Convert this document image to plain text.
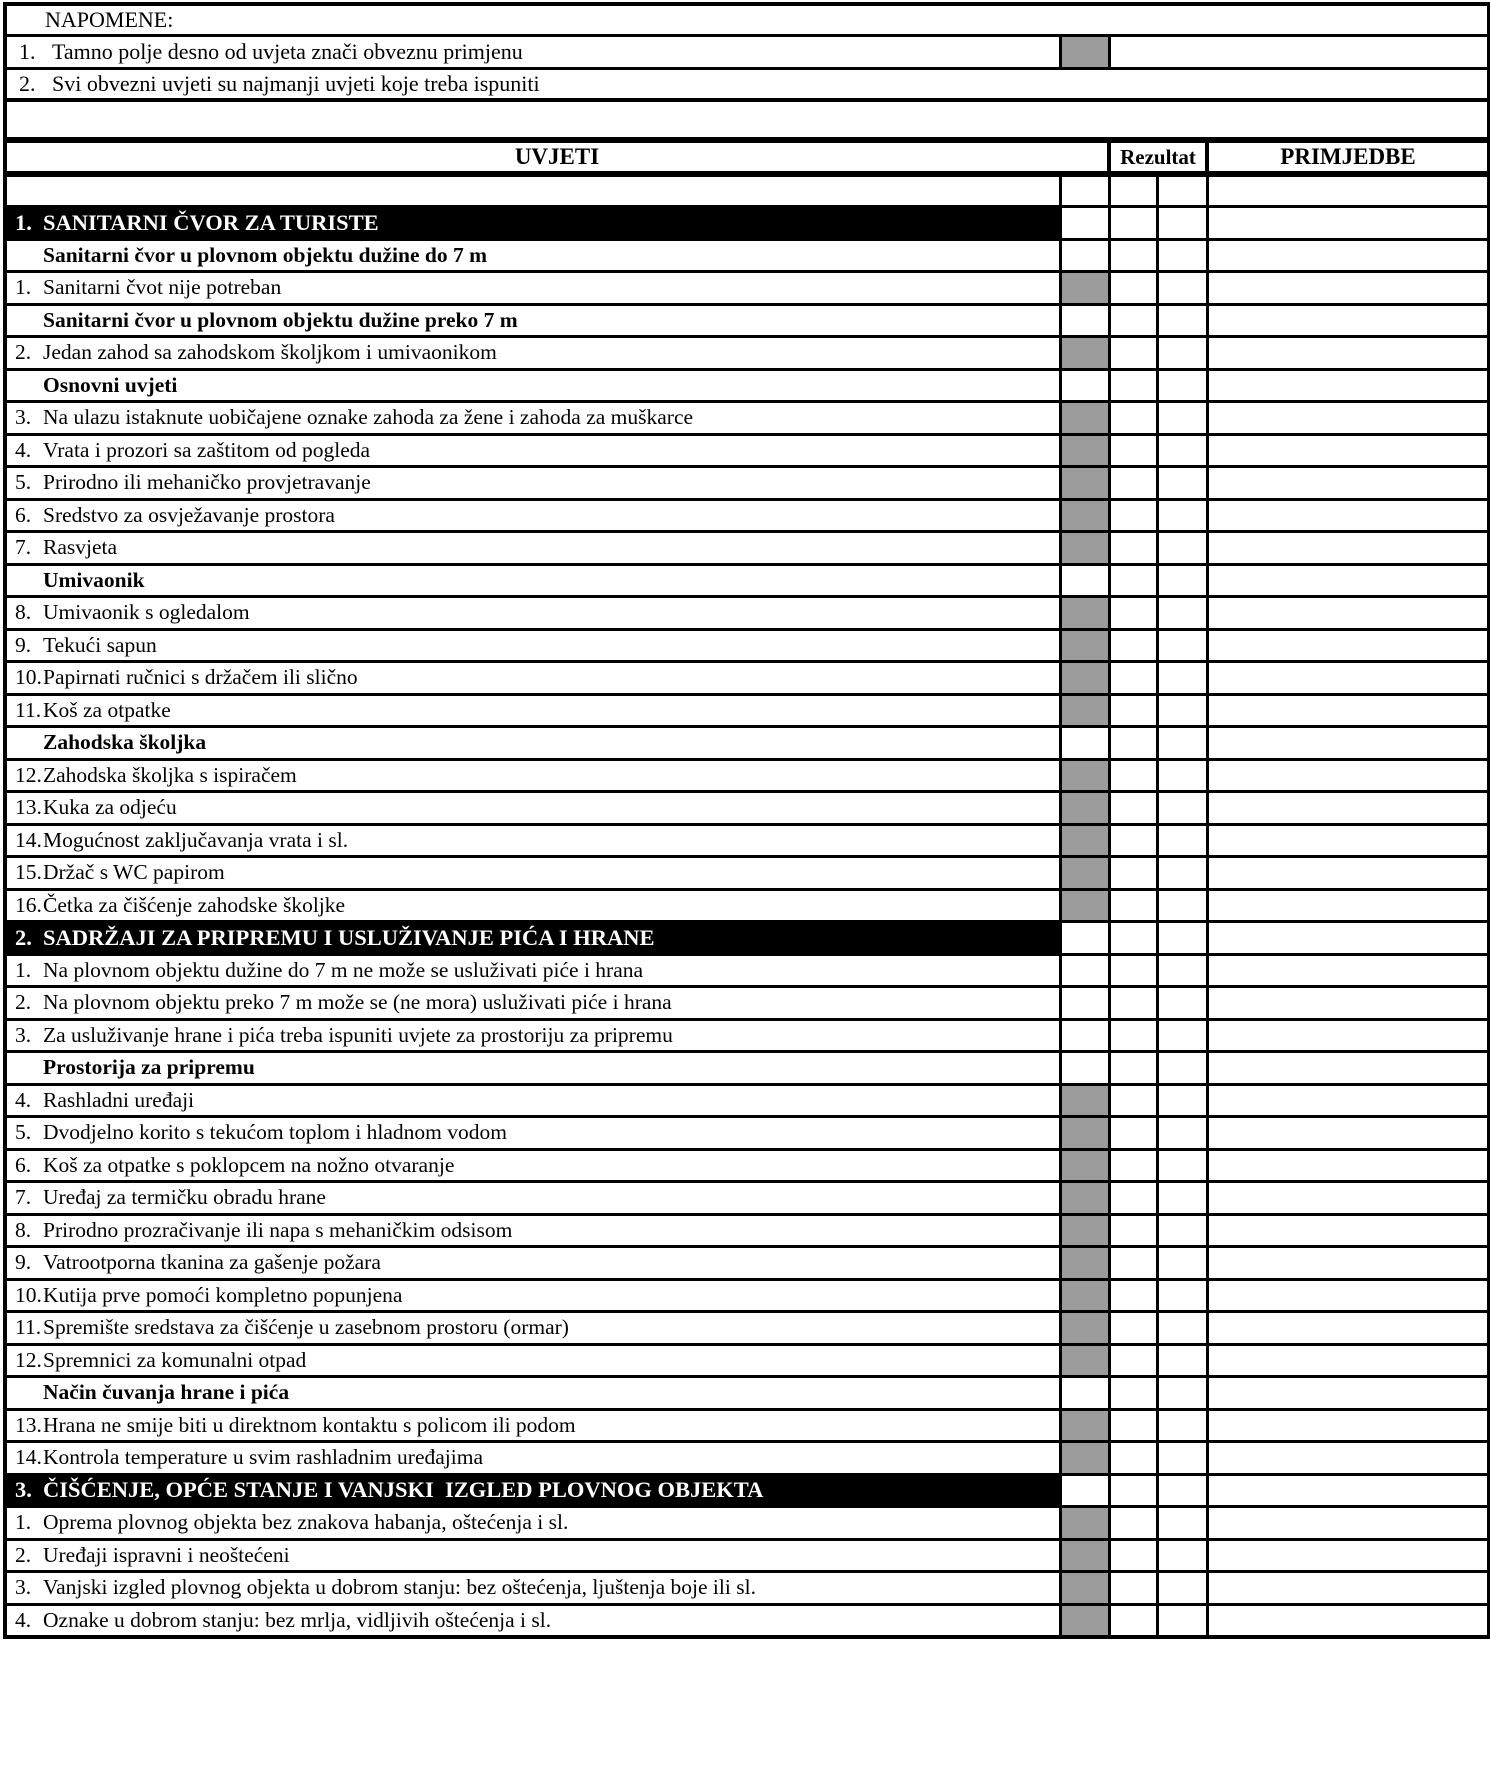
NAPOMENE:				
1. Tamno polje desno od uvjeta znači obveznu primjenu				
2. Svi obvezni uvjeti su najmanji uvjeti koje treba ispuniti				

UVJETI		Rezultat		PRIMJEDBE

1. SANITARNI ČVOR ZA TURISTE				
Sanitarni čvor u plovnom objektu dužine do 7 m				
1. Sanitarni čvot nije potreban				
Sanitarni čvor u plovnom objektu dužine preko 7 m				
2. Jedan zahod sa zahodskom školjkom i umivaonikom				
Osnovni uvjeti				
3. Na ulazu istaknute uobičajene oznake zahoda za žene i zahoda za muškarce				
4. Vrata i prozori sa zaštitom od pogleda				
5. Prirodno ili mehaničko provjetravanje				
6. Sredstvo za osvježavanje prostora				
7. Rasvjeta				
Umivaonik				
8. Umivaonik s ogledalom				
9. Tekući sapun				
10.Papirnati ručnici s držačem ili slično				
11.Koš za otpatke				
Zahodska školjka				
12.Zahodska školjka s ispiračem				
13.Kuka za odjeću				
14.Mogućnost zaključavanja vrata i sl.				
15.Držač s WC papirom				
16.Četka za čišćenje zahodske školjke				
2. SADRŽAJI ZA PRIPREMU I USLUŽIVANJE PIĆA I HRANE				
1. Na plovnom objektu dužine do 7 m ne može se usluživati piće i hrana				
2. Na plovnom objektu preko 7 m može se (ne mora) usluživati piće i hrana				
3. Za usluživanje hrane i pića treba ispuniti uvjete za prostoriju za pripremu				
Prostorija za pripremu				
4. Rashladni uređaji				
5. Dvodjelno korito s tekućom toplom i hladnom vodom				
6. Koš za otpatke s poklopcem na nožno otvaranje				
7. Uređaj za termičku obradu hrane				
8. Prirodno prozračivanje ili napa s mehaničkim odsisom				
9. Vatrootporna tkanina za gašenje požara				
10.Kutija prve pomoći kompletno popunjena				
11.Spremište sredstava za čišćenje u zasebnom prostoru (ormar)				
12.Spremnici za komunalni otpad				
Način čuvanja hrane i pića				
13.Hrana ne smije biti u direktnom kontaktu s policom ili podom				
14.Kontrola temperature u svim rashladnim uređajima				
3. ČIŠĆENJE, OPĆE STANJE I VANJSKI  IZGLED PLOVNOG OBJEKTA				
1. Oprema plovnog objekta bez znakova habanja, oštećenja i sl.				
2. Uređaji ispravni i neoštećeni				
3. Vanjski izgled plovnog objekta u dobrom stanju: bez oštećenja, ljuštenja boje ili sl.				
4. Oznake u dobrom stanju: bez mrlja, vidljivih oštećenja i sl.				
